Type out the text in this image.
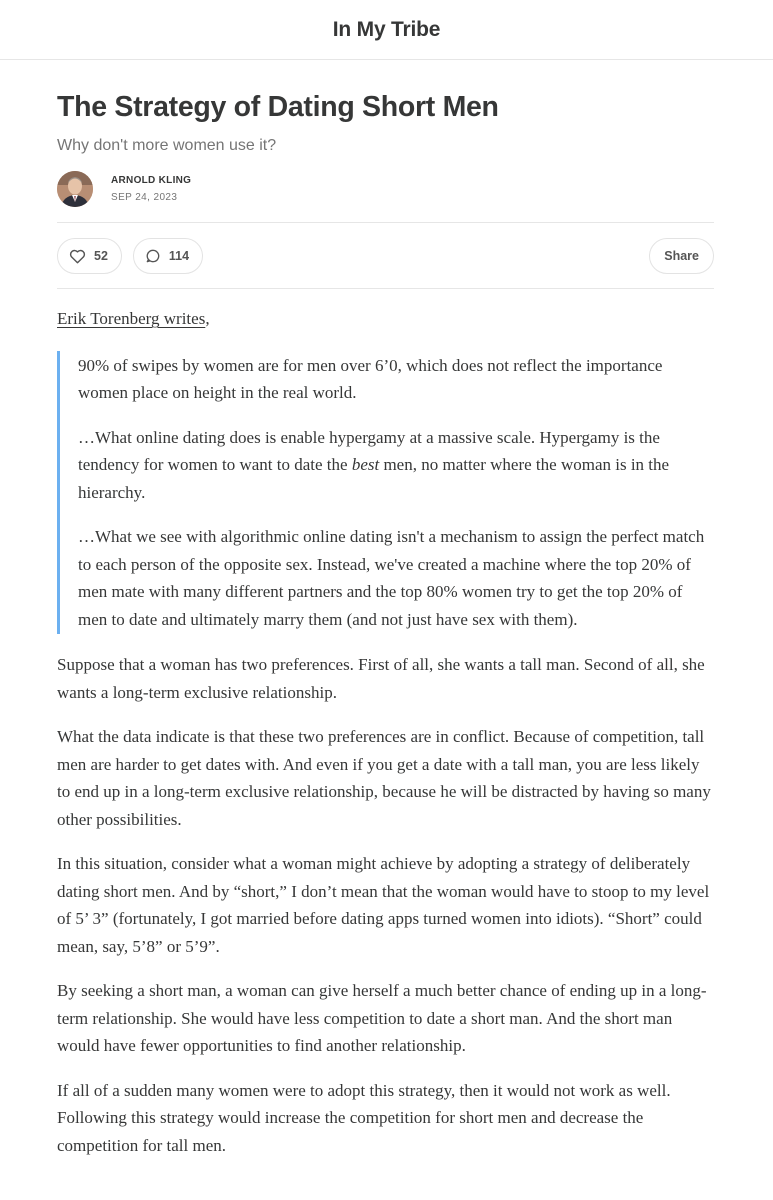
In My Tribe
The Strategy of Dating Short Men
Why don't more women use it?
ARNOLD KLING
SEP 24, 2023
52	114	Share

Erik Torenberg writes,

90% of swipes by women are for men over 6’0, which does not reflect the importance women place on height in the real world.

…What online dating does is enable hypergamy at a massive scale. Hypergamy is the tendency for women to want to date the best men, no matter where the woman is in the hierarchy.

…What we see with algorithmic online dating isn't a mechanism to assign the perfect match to each person of the opposite sex. Instead, we've created a machine where the top 20% of men mate with many different partners and the top 80% women try to get the top 20% of men to date and ultimately marry them (and not just have sex with them).

Suppose that a woman has two preferences. First of all, she wants a tall man. Second of all, she wants a long-term exclusive relationship.

What the data indicate is that these two preferences are in conflict. Because of competition, tall men are harder to get dates with. And even if you get a date with a tall man, you are less likely to end up in a long-term exclusive relationship, because he will be distracted by having so many other possibilities.

In this situation, consider what a woman might achieve by adopting a strategy of deliberately dating short men. And by “short,” I don’t mean that the woman would have to stoop to my level of 5’ 3” (fortunately, I got married before dating apps turned women into idiots). “Short” could mean, say, 5’8” or 5’9”.

By seeking a short man, a woman can give herself a much better chance of ending up in a long-term relationship. She would have less competition to date a short man. And the short man would have fewer opportunities to find another relationship.

If all of a sudden many women were to adopt this strategy, then it would not work as well. Following this strategy would increase the competition for short men and decrease the competition for tall men.
